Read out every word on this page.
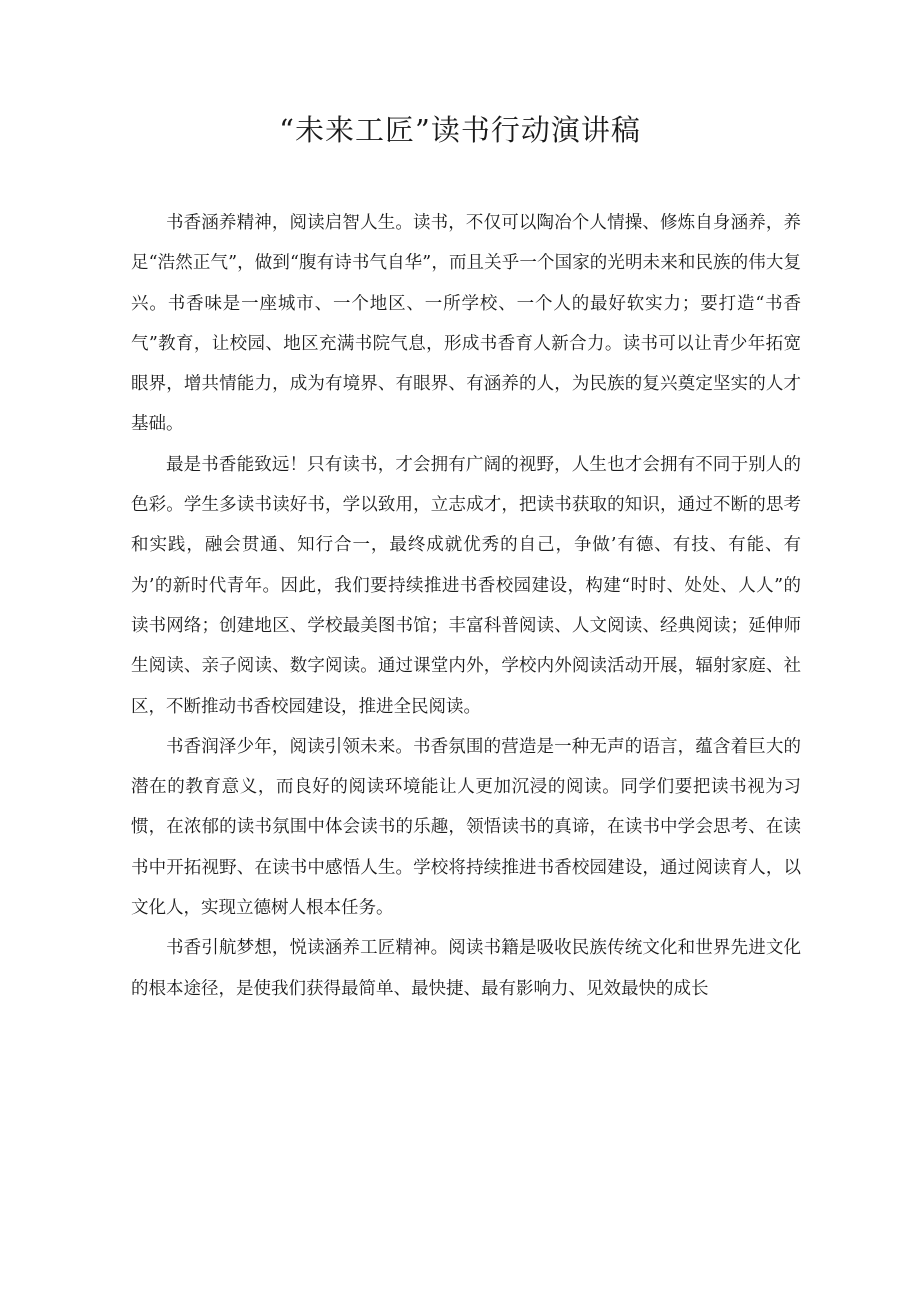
“未来工匠”读书行动演讲稿

书香涵养精神，阅读启智人生。读书，不仅可以陶冶个人情操、修炼自身涵养，养足“浩然正气”，做到“腹有诗书气自华”，而且关乎一个国家的光明未来和民族的伟大复兴。书香味是一座城市、一个地区、一所学校、一个人的最好软实力；要打造“书香气”教育，让校园、地区充满书院气息，形成书香育人新合力。读书可以让青少年拓宽眼界，增共情能力，成为有境界、有眼界、有涵养的人，为民族的复兴奠定坚实的人才基础。

最是书香能致远！只有读书，才会拥有广阔的视野，人生也才会拥有不同于别人的色彩。学生多读书读好书，学以致用，立志成才，把读书获取的知识，通过不断的思考和实践，融会贯通、知行合一，最终成就优秀的自己，争做’有德、有技、有能、有为’的新时代青年。因此，我们要持续推进书香校园建设，构建“时时、处处、人人”的读书网络；创建地区、学校最美图书馆；丰富科普阅读、人文阅读、经典阅读；延伸师生阅读、亲子阅读、数字阅读。通过课堂内外，学校内外阅读活动开展，辐射家庭、社区，不断推动书香校园建设，推进全民阅读。

书香润泽少年，阅读引领未来。书香氛围的营造是一种无声的语言，蕴含着巨大的潜在的教育意义，而良好的阅读环境能让人更加沉浸的阅读。同学们要把读书视为习惯，在浓郁的读书氛围中体会读书的乐趣，领悟读书的真谛，在读书中学会思考、在读书中开拓视野、在读书中感悟人生。学校将持续推进书香校园建设，通过阅读育人，以文化人，实现立德树人根本任务。

书香引航梦想，悦读涵养工匠精神。阅读书籍是吸收民族传统文化和世界先进文化的根本途径，是使我们获得最简单、最快捷、最有影响力、见效最快的成长
